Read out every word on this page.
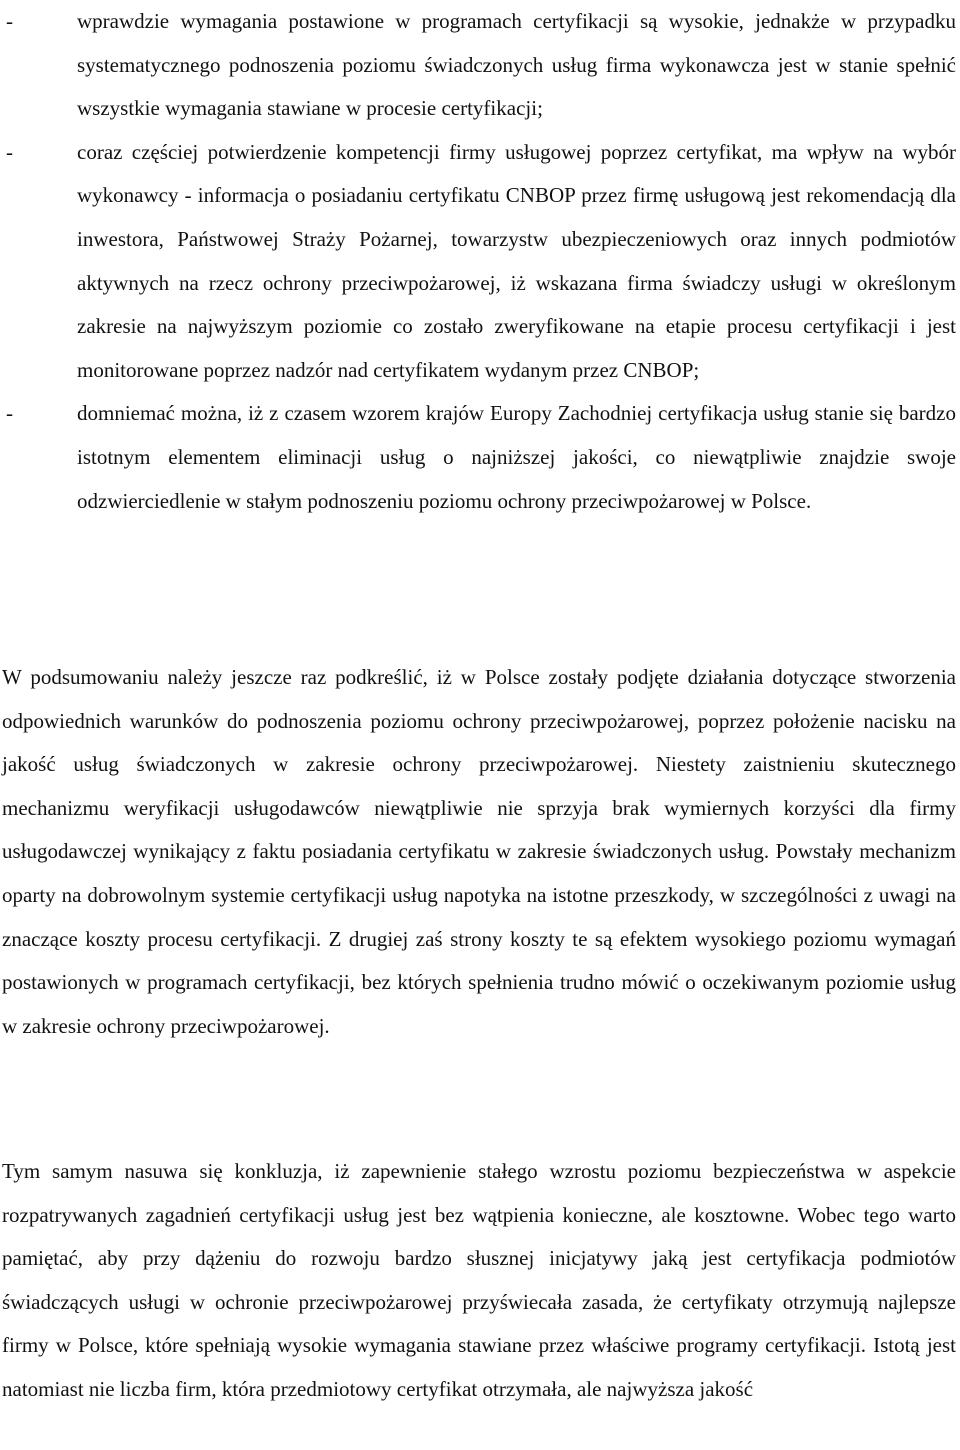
-	wprawdzie wymagania postawione w programach certyfikacji są wysokie, jednakże w przypadku systematycznego podnoszenia poziomu świadczonych usług firma wykonawcza jest w stanie spełnić wszystkie wymagania stawiane w procesie certyfikacji;
-	coraz częściej potwierdzenie kompetencji firmy usługowej poprzez certyfikat, ma wpływ na wybór wykonawcy - informacja o posiadaniu certyfikatu CNBOP przez firmę usługową jest rekomendacją dla inwestora, Państwowej Straży Pożarnej, towarzystw ubezpieczeniowych oraz innych podmiotów aktywnych na rzecz ochrony przeciwpożarowej, iż wskazana firma świadczy usługi w określonym zakresie na najwyższym poziomie co zostało zweryfikowane na etapie procesu certyfikacji i jest monitorowane poprzez nadzór nad certyfikatem wydanym przez CNBOP;
-	domniemać można, iż z czasem wzorem krajów Europy Zachodniej certyfikacja usług stanie się bardzo istotnym elementem eliminacji usług o najniższej jakości, co niewątpliwie znajdzie swoje odzwierciedlenie w stałym podnoszeniu poziomu ochrony przeciwpożarowej w Polsce.

W podsumowaniu należy jeszcze raz podkreślić, iż w Polsce zostały podjęte działania dotyczące stworzenia odpowiednich warunków do podnoszenia poziomu ochrony przeciwpożarowej, poprzez położenie nacisku na jakość usług świadczonych w zakresie ochrony przeciwpożarowej. Niestety zaistnieniu skutecznego mechanizmu weryfikacji usługodawców niewątpliwie nie sprzyja brak wymiernych korzyści dla firmy usługodawczej wynikający z faktu posiadania certyfikatu w zakresie świadczonych usług. Powstały mechanizm oparty na dobrowolnym systemie certyfikacji usług napotyka na istotne przeszkody, w szczególności z uwagi na znaczące koszty procesu certyfikacji. Z drugiej zaś strony koszty te są efektem wysokiego poziomu wymagań postawionych w programach certyfikacji, bez których spełnienia trudno mówić o oczekiwanym poziomie usług w zakresie ochrony przeciwpożarowej.

Tym samym nasuwa się konkluzja, iż zapewnienie stałego wzrostu poziomu bezpieczeństwa w aspekcie rozpatrywanych zagadnień certyfikacji usług jest bez wątpienia konieczne, ale kosztowne. Wobec tego warto pamiętać, aby przy dążeniu do rozwoju bardzo słusznej inicjatywy jaką jest certyfikacja podmiotów świadczących usługi w ochronie przeciwpożarowej przyświecała zasada, że certyfikaty otrzymują najlepsze firmy w Polsce, które spełniają wysokie wymagania stawiane przez właściwe programy certyfikacji. Istotą jest natomiast nie liczba firm, która przedmiotowy certyfikat otrzymała, ale najwyższa jakość
